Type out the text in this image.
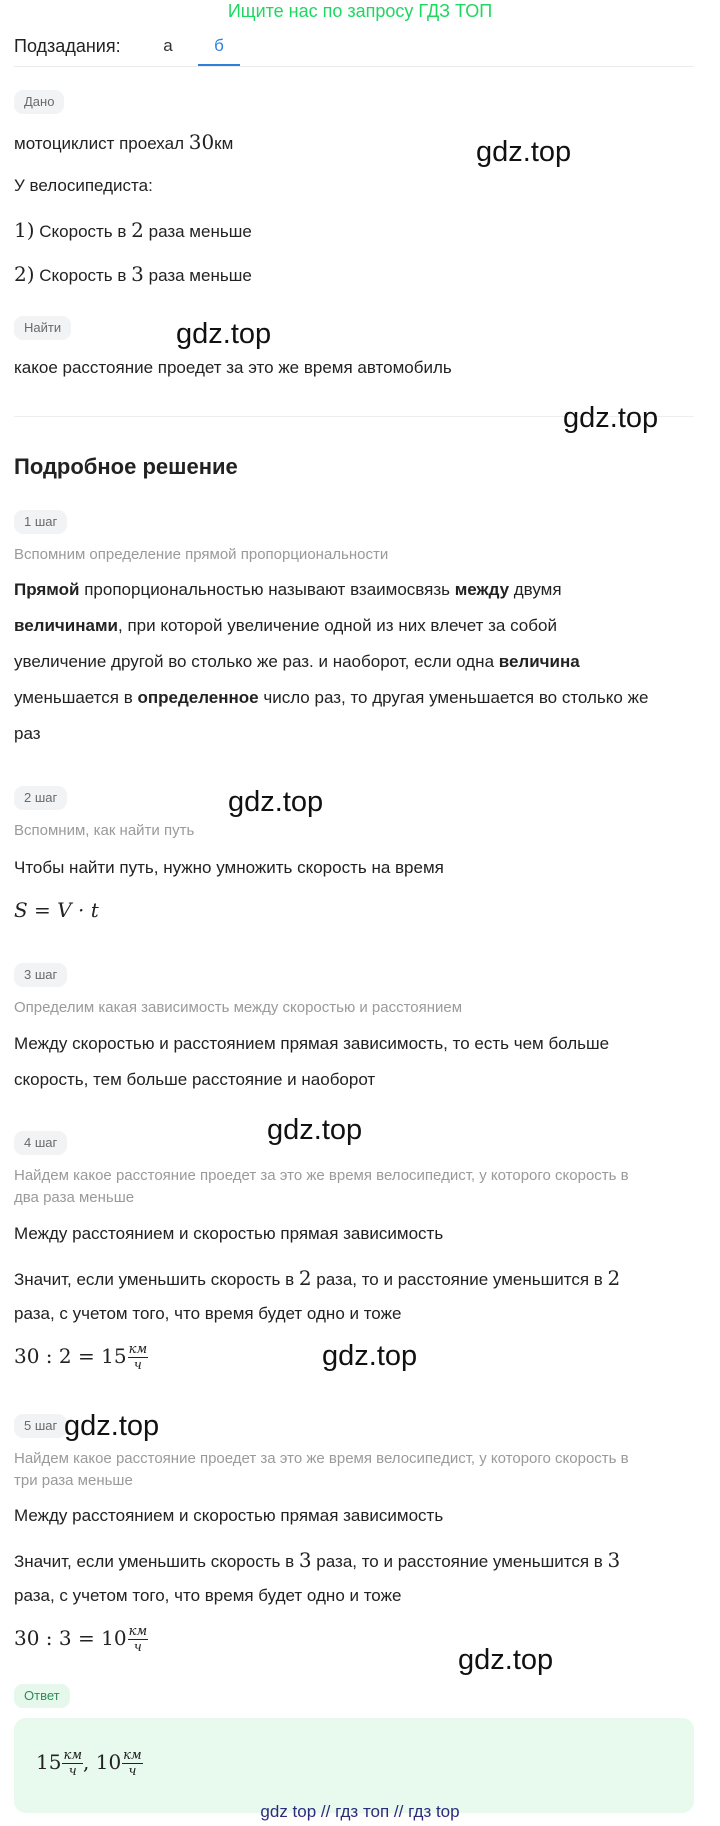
Ищите нас по запросу ГДЗ ТОП
Подзадания:	а	б
Дано
мотоциклист проехал 30км
У велосипедиста:
1) Скорость в 2 раза меньше
2) Скорость в 3 раза меньше
Найти
какое расстояние проедет за это же время автомобиль
Подробное решение
1 шаг
Вспомним определение прямой пропорциональности
Прямой пропорциональностью называют взаимосвязь между двумя
величинами, при которой увеличение одной из них влечет за собой
увеличение другой во столько же раз. и наоборот, если одна величина
уменьшается в определенное число раз, то другая уменьшается во столько же
раз
2 шаг
Вспомним, как найти путь
Чтобы найти путь, нужно умножить скорость на время
S = V · t
3 шаг
Определим какая зависимость между скоростью и расстоянием
Между скоростью и расстоянием прямая зависимость, то есть чем больше
скорость, тем больше расстояние и наоборот
4 шаг
Найдем какое расстояние проедет за это же время велосипедист, у которого скорость в
два раза меньше
Между расстоянием и скоростью прямая зависимость
Значит, если уменьшить скорость в 2 раза, то и расстояние уменьшится в 2
раза, с учетом того, что время будет одно и тоже
30 : $2 = 15 \frac{км}{ч}$
5 шаг
Найдем какое расстояние проедет за это же время велосипедист, у которого скорость в
три раза меньше
Между расстоянием и скоростью прямая зависимость
Значит, если уменьшить скорость в 3 раза, то и расстояние уменьшится в 3
раза, с учетом того, что время будет одно и тоже
30 : $3 = 10 \frac{км}{ч}$
Ответ
$15 \frac{км}{ч}$ , $10 \frac{км}{ч}$
gdz.top
gdz.top
gdz.top
gdz.top
gdz.top
gdz.top
gdz.top
gdz.top
gdz top // гдз топ // гдз top
